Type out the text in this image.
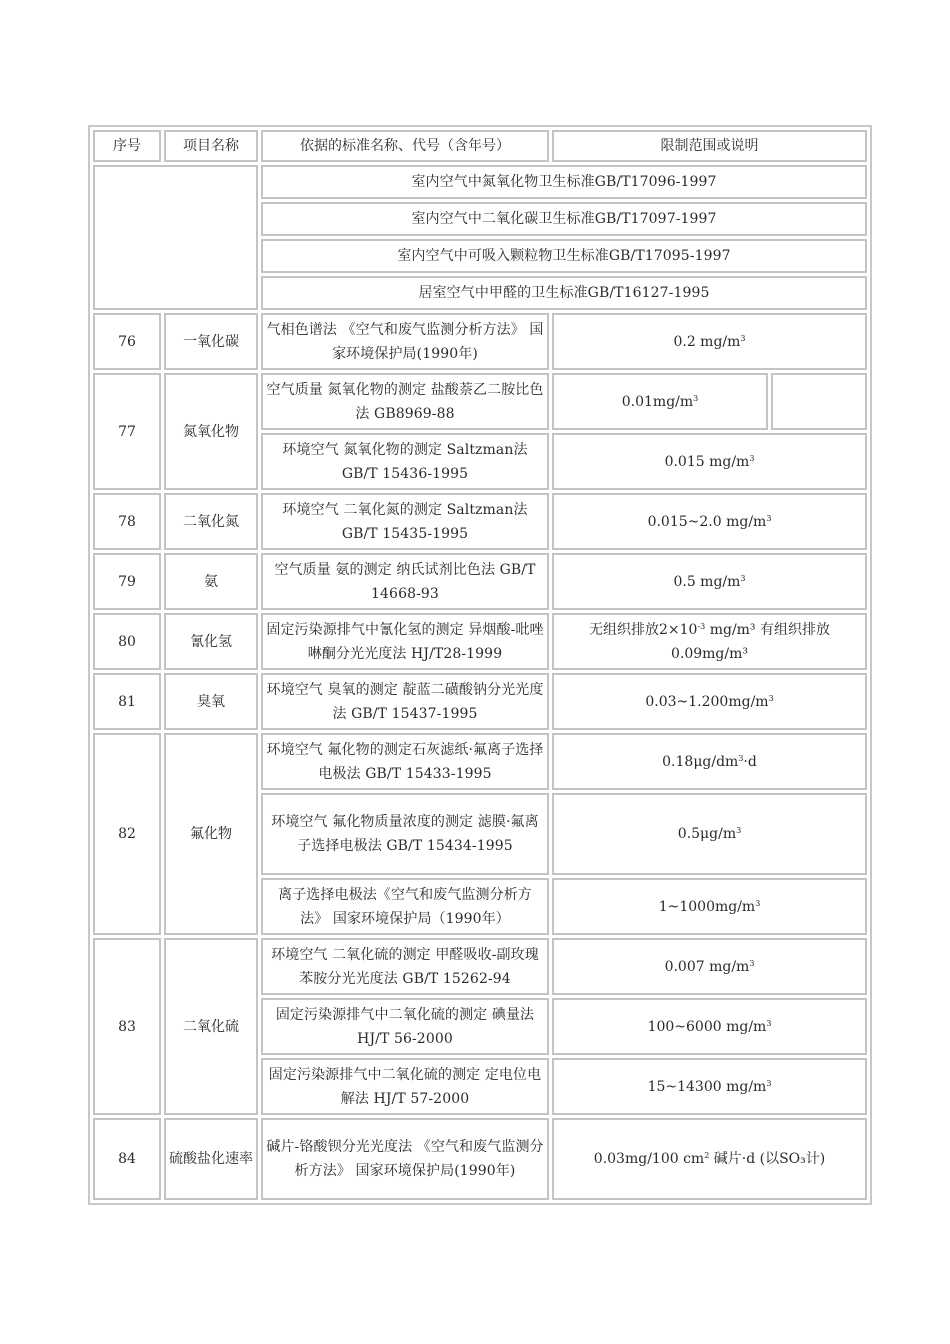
序号	项目名称	依据的标准名称、代号（含年号）	限制范围或说明	
		室内空气中氮氧化物卫生标准GB/T17096-1997		
		室内空气中二氧化碳卫生标准GB/T17097-1997		
		室内空气中可吸入颗粒物卫生标准GB/T17095-1997		
		居室空气中甲醛的卫生标准GB/T16127-1995		
76	一氧化碳	气相色谱法 《空气和废气监测分析方法》 国家环境保护局(1990年)	0.2 $mg/m^3$
77	氮氧化物	空气质量 氮氧化物的测定 盐酸萘乙二胺比色法 GB8969-88	$0.01mg/m^3$	
		环境空气 氮氧化物的测定 Saltzman法 GB/T 15436-1995	0.015 $mg/m^3$
78	二氧化氮	环境空气 二氧化氮的测定 Saltzman法 GB/T 15435-1995	0.015~2.0 $mg/m^3$
79	氨	空气质量 氨的测定 纳氏试剂比色法 GB/T 14668-93	0.5 $mg/m^3$
80	氰化氢	固定污染源排气中氰化氢的测定 异烟酸-吡唑啉酮分光光度法 HJ/T28-1999	无组织排放$2\times 10^{-3}$ mg/m³ 有组织排放0.09mg/m³	
81	臭氧	环境空气 臭氧的测定 靛蓝二磺酸钠分光光度法 GB/T 15437-1995	$0.03\sim 1.200mg/m^3$
82	氟化物	环境空气 氟化物的测定石灰滤纸·氟离子选择电极法 GB/T 15433-1995	$0.18\mu g/dm^3\cdot d$	
		环境空气 氟化物质量浓度的测定 滤膜·氟离子选择电极法 GB/T 15434-1995	$0.5\mu g/m^3$
		离子选择电极法《空气和废气监测分析方法》 国家环境保护局（1990年）	$1\sim 1000mg/m^3$
83	二氧化硫	环境空气 二氧化硫的测定 甲醛吸收-副玫瑰苯胺分光光度法 GB/T 15262-94	0.007 $mg/m^3$
		固定污染源排气中二氧化硫的测定 碘量法 HJ/T 56-2000	100~6000 $mg/m^3$
		固定污染源排气中二氧化硫的测定 定电位电解法 HJ/T 57-2000	15~14300 $mg/m^3$
84	硫酸盐化速率	碱片-铬酸钡分光光度法 《空气和废气监测分析方法》 国家环境保护局(1990年)	0.03mg/100 $cm^2$ 碱片·d (以SO₃计)	
